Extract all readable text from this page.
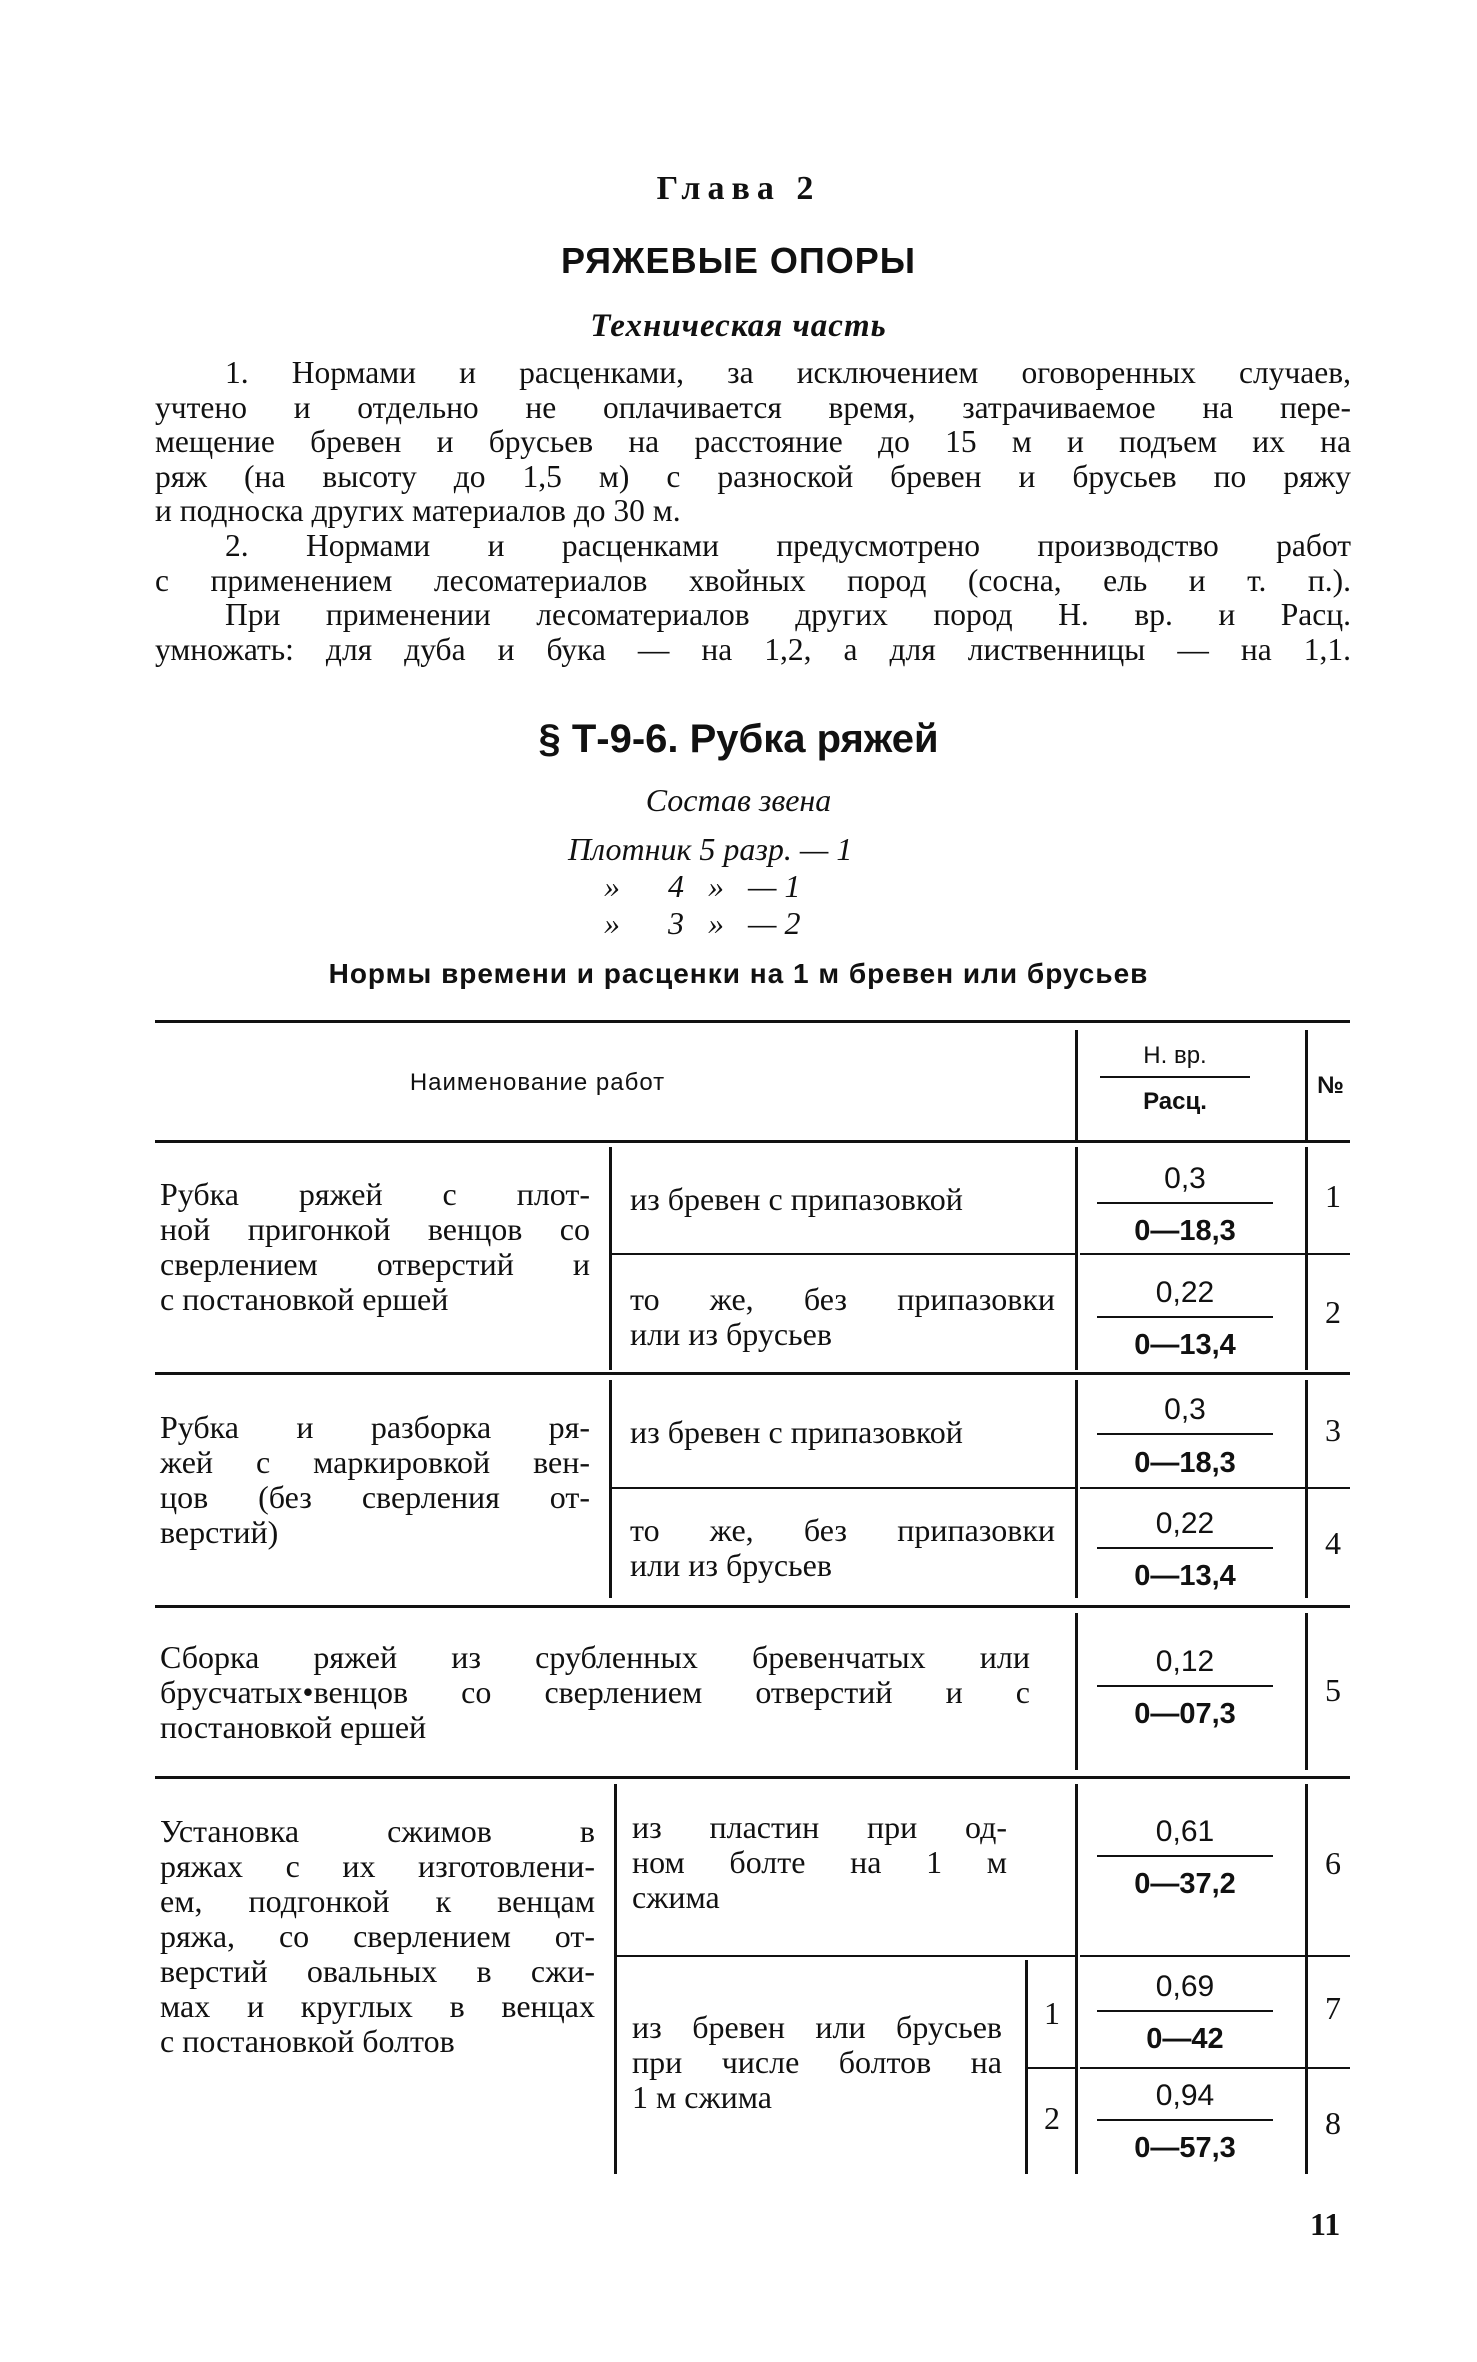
Глава 2
РЯЖЕВЫЕ ОПОРЫ
Техническая часть
1. Нормами и расценками, за исключением оговоренных случаев,
учтено и отдельно не оплачивается время, затрачиваемое на пере-
мещение бревен и брусьев на расстояние до 15 м и подъем их на
ряж (на высоту до 1,5 м) с разноской бревен и брусьев по ряжу
и подноска других материалов до 30 м.
2. Нормами и расценками предусмотрено производство работ
с применением лесоматериалов хвойных пород (сосна, ель и т. п.).
При применении лесоматериалов других пород Н. вр. и Расц.
умножать: для дуба и бука — на 1,2, а для лиственницы — на 1,1.
§ Т-9-6. Рубка ряжей
Состав звена
Плотник 5 разр. — 1
»      4   »   — 1
»      3   »   — 2
Нормы времени и расценки на 1 м бревен или брусьев
Наименование работ
Н. вр.
Расц.
№
Рубка ряжей с плот-
ной пригонкой венцов со
сверлением отверстий и
с постановкой ершей
из бревен с припазовкой
0,3
0—18,3
1
то же, без припазовки
или из брусьев
0,22
0—13,4
2
Рубка и разборка ря-
жей с маркировкой вен-
цов (без сверления от-
верстий)
из бревен с припазовкой
0,3
0—18,3
3
то же, без припазовки
или из брусьев
0,22
0—13,4
4
Сборка ряжей из срубленных бревенчатых или
брусчатых•венцов со сверлением отверстий и с
постановкой ершей
0,12
0—07,3
5
Установка сжимов в
ряжах с их изготовлени-
ем, подгонкой к венцам
ряжа, со сверлением от-
верстий овальных в сжи-
мах и круглых в венцах
с постановкой болтов
из пластин при од-
ном болте на 1 м
сжима
0,61
0—37,2
6
из бревен или брусьев
при числе болтов на
1 м сжима
1
0,69
0—42
7
2
0,94
0—57,3
8
11
